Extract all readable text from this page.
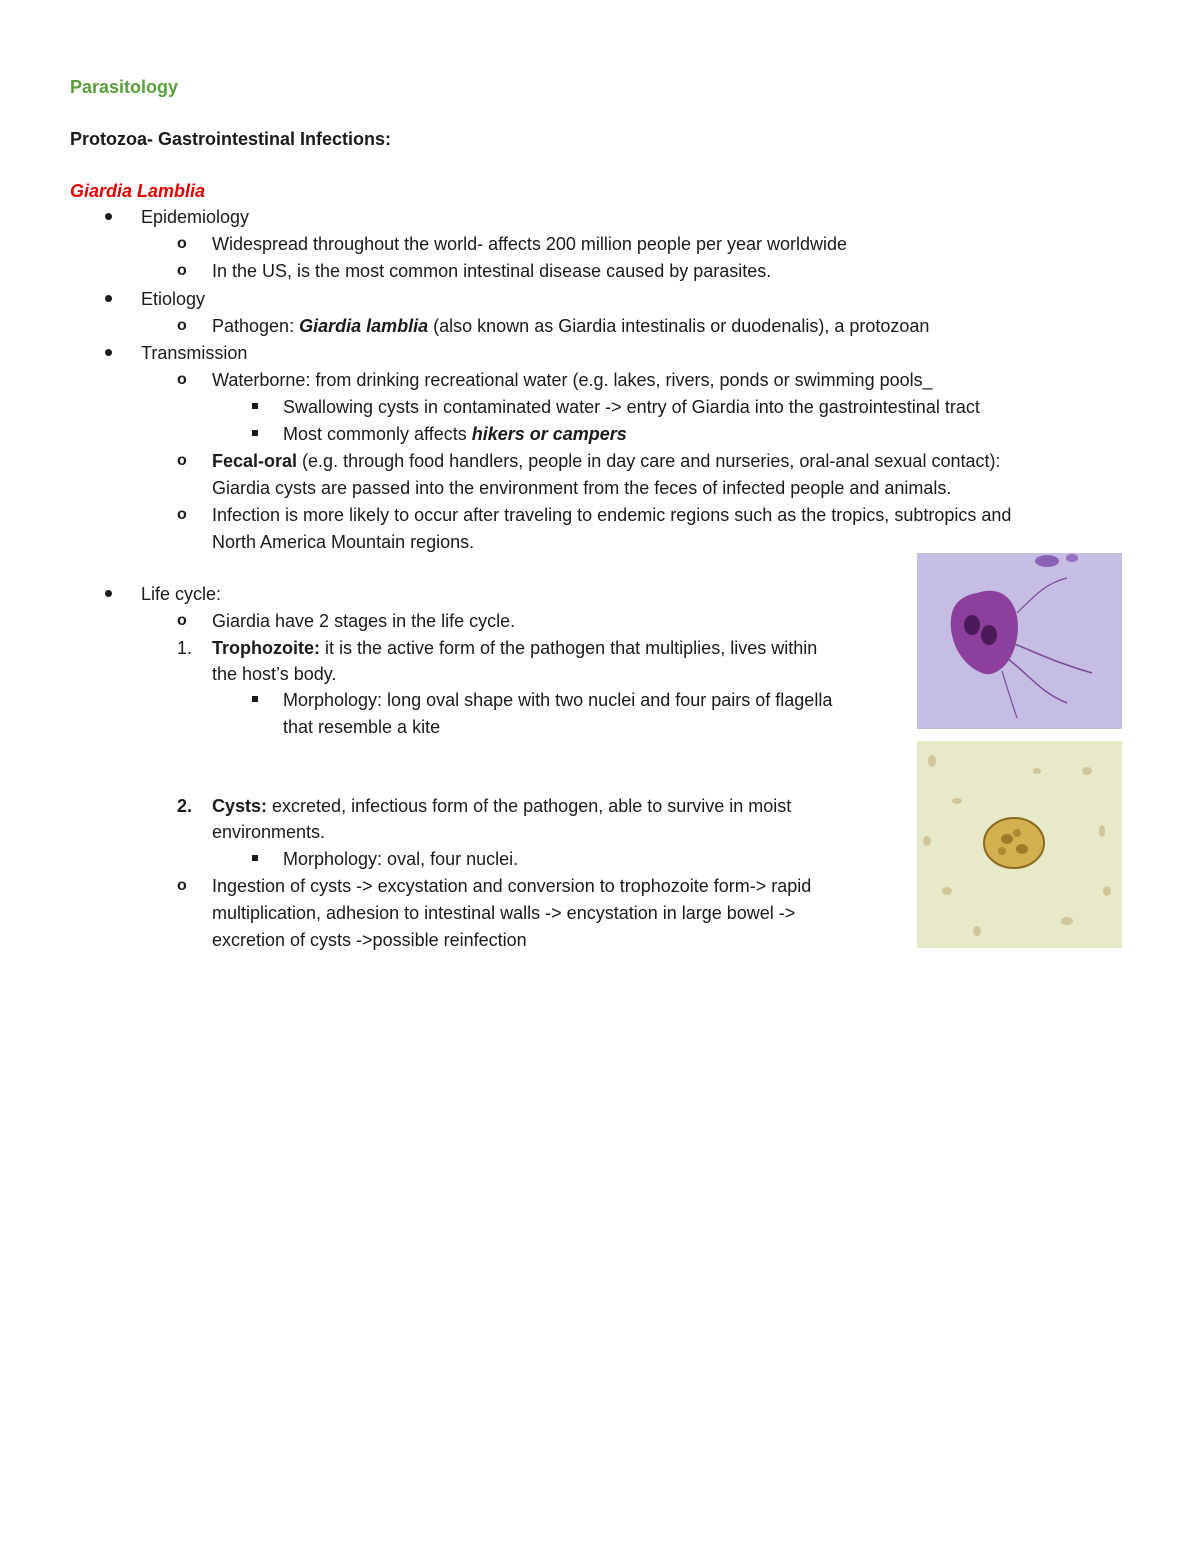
Parasitology
Protozoa- Gastrointestinal Infections:
Giardia Lamblia
Epidemiology
o Widespread throughout the world- affects 200 million people per year worldwide
o In the US, is the most common intestinal disease caused by parasites.
Etiology
o Pathogen: Giardia lamblia (also known as Giardia intestinalis or duodenalis), a protozoan
Transmission
o Waterborne: from drinking recreational water (e.g. lakes, rivers, ponds or swimming pools_
Swallowing cysts in contaminated water -> entry of Giardia into the gastrointestinal tract
Most commonly affects hikers or campers
o Fecal-oral (e.g. through food handlers, people in day care and nurseries, oral-anal sexual contact):
Giardia cysts are passed into the environment from the feces of infected people and animals.
o Infection is more likely to occur after traveling to endemic regions such as the tropics, subtropics and
North America Mountain regions.
Life cycle:
o Giardia have 2 stages in the life cycle.
1. Trophozoite: it is the active form of the pathogen that multiplies, lives within
the host’s body.
Morphology: long oval shape with two nuclei and four pairs of flagella
that resemble a kite
2. Cysts: excreted, infectious form of the pathogen, able to survive in moist
environments.
Morphology: oval, four nuclei.
o Ingestion of cysts -> excystation and conversion to trophozoite form-> rapid
multiplication, adhesion to intestinal walls -> encystation in large bowel ->
excretion of cysts ->possible reinfection
